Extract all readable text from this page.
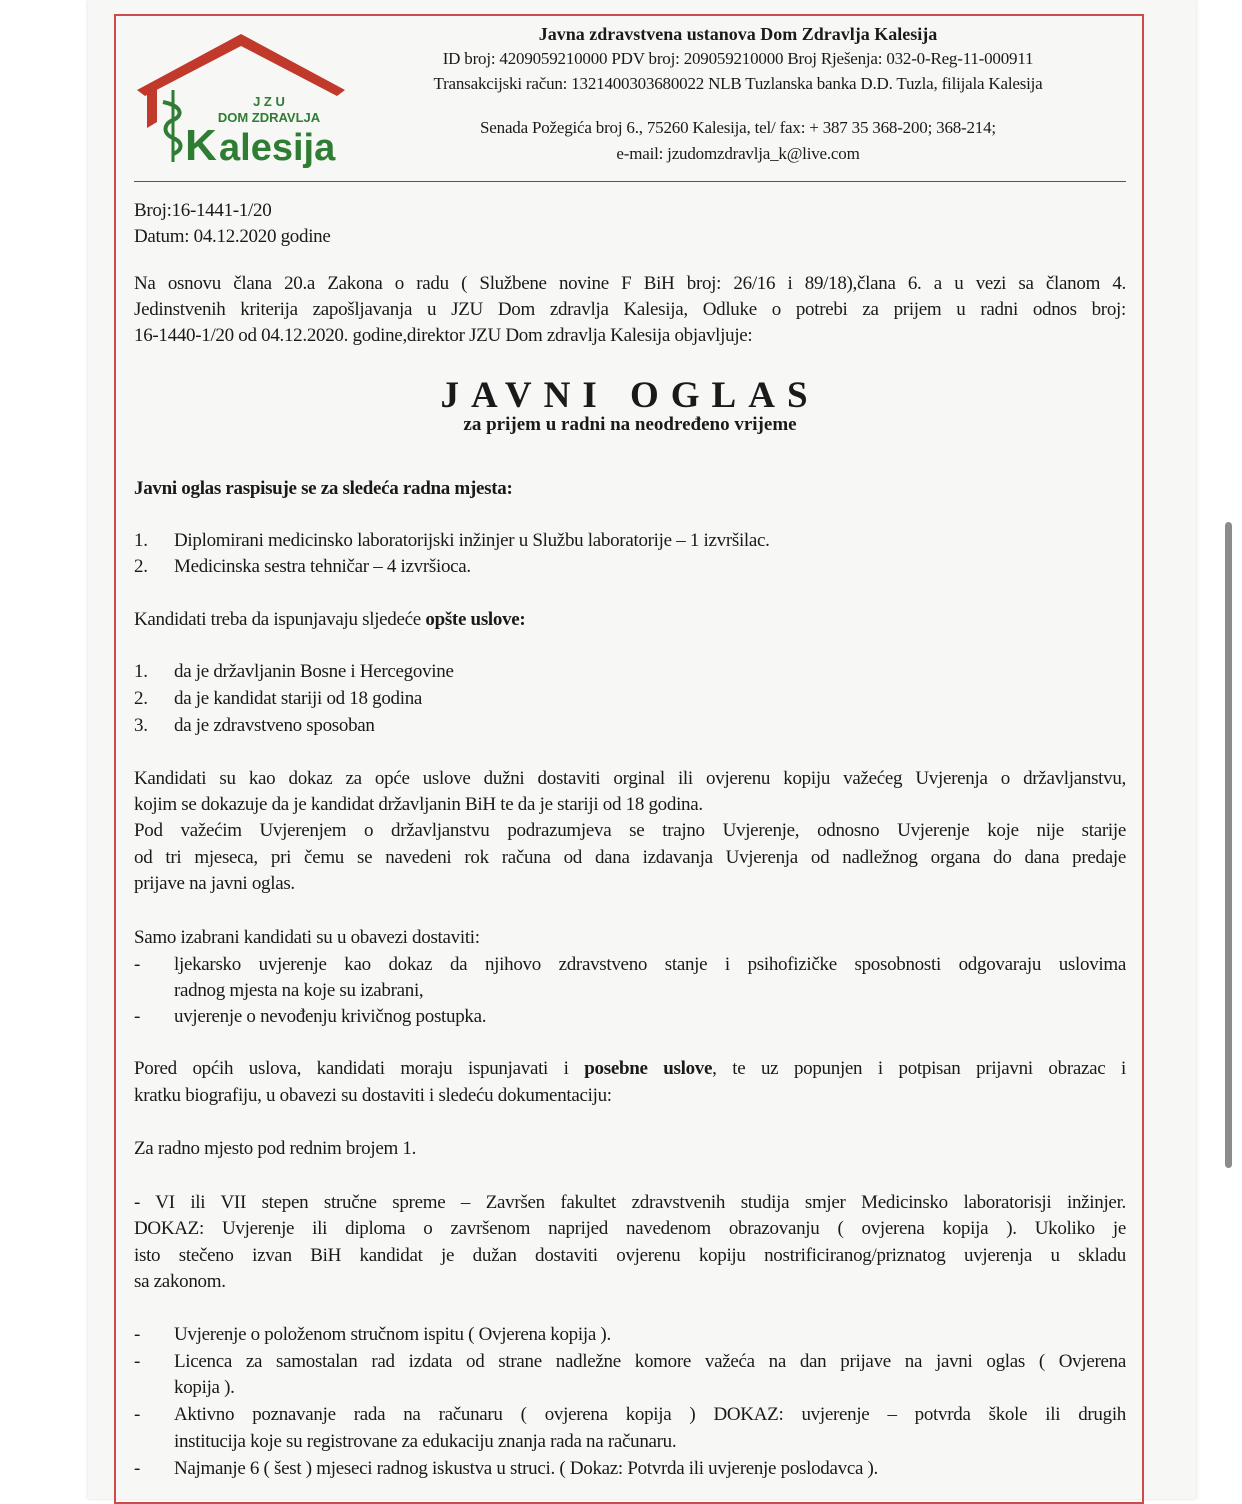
J Z U
DOM ZDRAVLJA
K alesija
Javna zdravstvena ustanova Dom Zdravlja Kalesija
ID broj: 4209059210000 PDV broj: 209059210000 Broj Rješenja: 032-0-Reg-11-000911
Transakcijski račun: 1321400303680022 NLB Tuzlanska banka D.D. Tuzla, filijala Kalesija
Senada Požegića broj 6., 75260 Kalesija, tel/ fax: + 387 35 368-200; 368-214;
e-mail: jzudomzdravlja_k@live.com
Broj:16-1441-1/20
Datum: 04.12.2020 godine
Na osnovu člana 20.a Zakona o radu ( Službene novine F BiH broj: 26/16 i 89/18),člana 6. a u vezi sa članom 4.
Jedinstvenih kriterija zapošljavanja u JZU Dom zdravlja Kalesija, Odluke o potrebi za prijem u radni odnos broj:
16-1440-1/20 od 04.12.2020. godine,direktor JZU Dom zdravlja Kalesija objavljuje:
JAVNI OGLAS
za prijem u radni na neodređeno vrijeme
Javni oglas raspisuje se za sledeća radna mjesta:
1. Diplomirani medicinsko laboratorijski inžinjer u Službu laboratorije – 1 izvršilac.
2. Medicinska sestra tehničar – 4 izvršioca.
Kandidati treba da ispunjavaju sljedeće opšte uslove:
1. da je državljanin Bosne i Hercegovine
2. da je kandidat stariji od 18 godina
3. da je zdravstveno sposoban
Kandidati su kao dokaz za opće uslove dužni dostaviti orginal ili ovjerenu kopiju važećeg Uvjerenja o državljanstvu,
kojim se dokazuje da je kandidat državljanin BiH te da je stariji od 18 godina.
Pod važećim Uvjerenjem o državljanstvu podrazumjeva se trajno Uvjerenje, odnosno Uvjerenje koje nije starije
od tri mjeseca, pri čemu se navedeni rok računa od dana izdavanja Uvjerenja od nadležnog organa do dana predaje
prijave na javni oglas.
Samo izabrani kandidati su u obavezi dostaviti:
- ljekarsko uvjerenje kao dokaz da njihovo zdravstveno stanje i psihofizičke sposobnosti odgovaraju uslovima
radnog mjesta na koje su izabrani,
- uvjerenje o nevođenju krivičnog postupka.
Pored općih uslova, kandidati moraju ispunjavati i posebne uslove, te uz popunjen i potpisan prijavni obrazac i
kratku biografiju, u obavezi su dostaviti i sledeću dokumentaciju:
Za radno mjesto pod rednim brojem 1.
- VI ili VII stepen stručne spreme – Završen fakultet zdravstvenih studija smjer Medicinsko laboratorisji inžinjer.
DOKAZ: Uvjerenje ili diploma o završenom naprijed navedenom obrazovanju ( ovjerena kopija ). Ukoliko je
isto stečeno izvan BiH kandidat je dužan dostaviti ovjerenu kopiju nostrificiranog/priznatog uvjerenja u skladu
sa zakonom.
- Uvjerenje o položenom stručnom ispitu ( Ovjerena kopija ).
- Licenca za samostalan rad izdata od strane nadležne komore važeća na dan prijave na javni oglas ( Ovjerena
kopija ).
- Aktivno poznavanje rada na računaru ( ovjerena kopija ) DOKAZ: uvjerenje – potvrda škole ili drugih
institucija koje su registrovane za edukaciju znanja rada na računaru.
- Najmanje 6 ( šest ) mjeseci radnog iskustva u struci. ( Dokaz: Potvrda ili uvjerenje poslodavca ).
